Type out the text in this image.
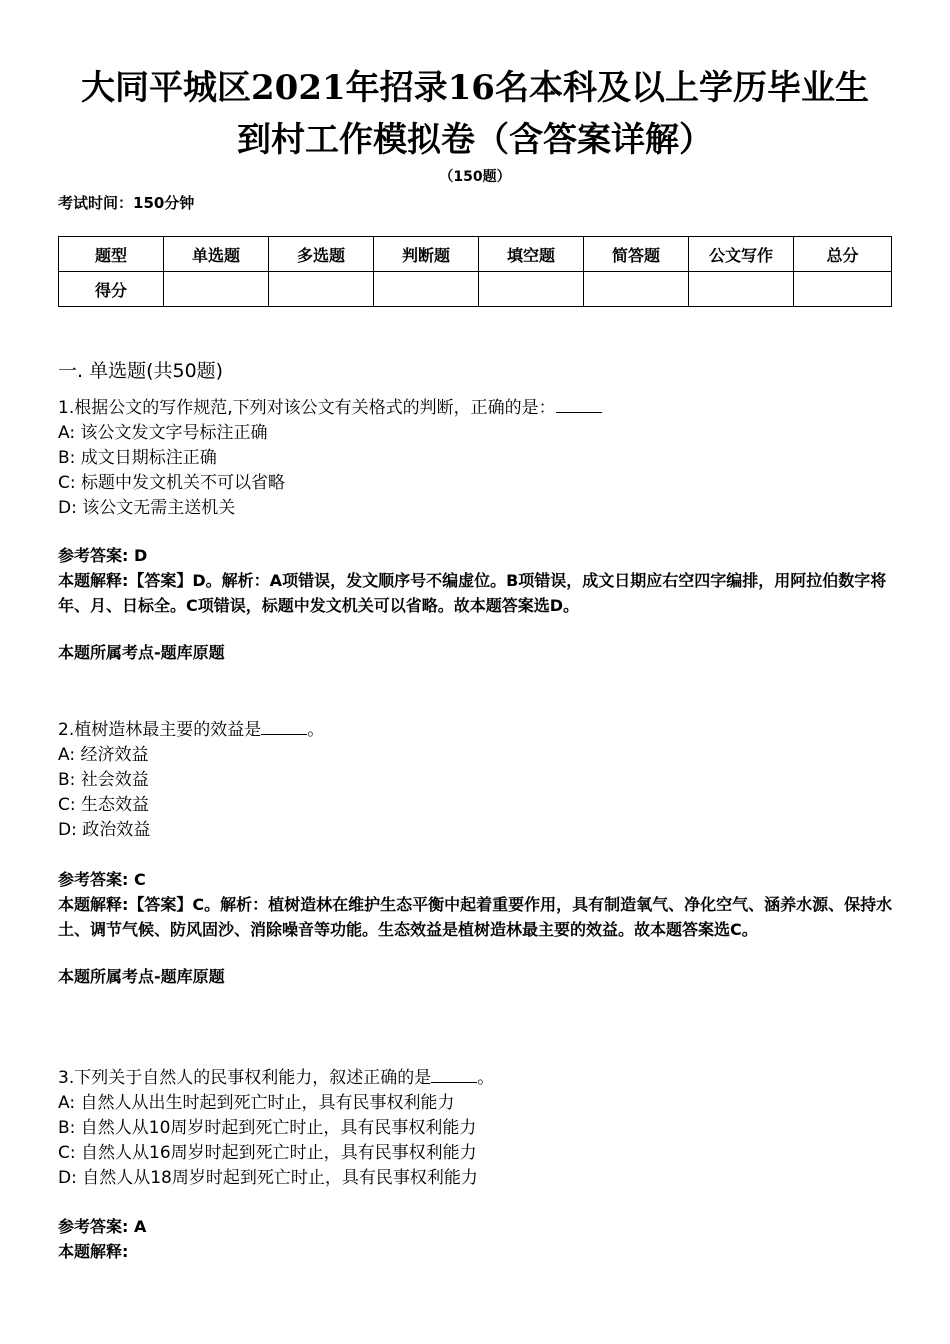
大同平城区2021年招录16名本科及以上学历毕业生
到村工作模拟卷（含答案详解）
（150题）
考试时间：150分钟
题型	单选题	多选题	判断题	填空题	简答题	公文写作	总分
得分							
一. 单选题(共50题)
1.根据公文的写作规范,下列对该公文有关格式的判断，正确的是：
A: 该公文发文字号标注正确
B: 成文日期标注正确
C: 标题中发文机关不可以省略
D: 该公文无需主送机关
参考答案: D
本题解释:【答案】D。解析：A项错误，发文顺序号不编虚位。B项错误，成文日期应右空四字编排，用阿拉伯数字将年、月、日标全。C项错误，标题中发文机关可以省略。故本题答案选D。
本题所属考点-题库原题
2.植树造林最主要的效益是	。
A: 经济效益
B: 社会效益
C: 生态效益
D: 政治效益
参考答案: C
本题解释:【答案】C。解析：植树造林在维护生态平衡中起着重要作用，具有制造氧气、净化空气、涵养水源、保持水土、调节气候、防风固沙、消除噪音等功能。生态效益是植树造林最主要的效益。故本题答案选C。
本题所属考点-题库原题
3.下列关于自然人的民事权利能力，叙述正确的是	。
A: 自然人从出生时起到死亡时止，具有民事权利能力
B: 自然人从10周岁时起到死亡时止，具有民事权利能力
C: 自然人从16周岁时起到死亡时止，具有民事权利能力
D: 自然人从18周岁时起到死亡时止，具有民事权利能力
参考答案: A
本题解释:
